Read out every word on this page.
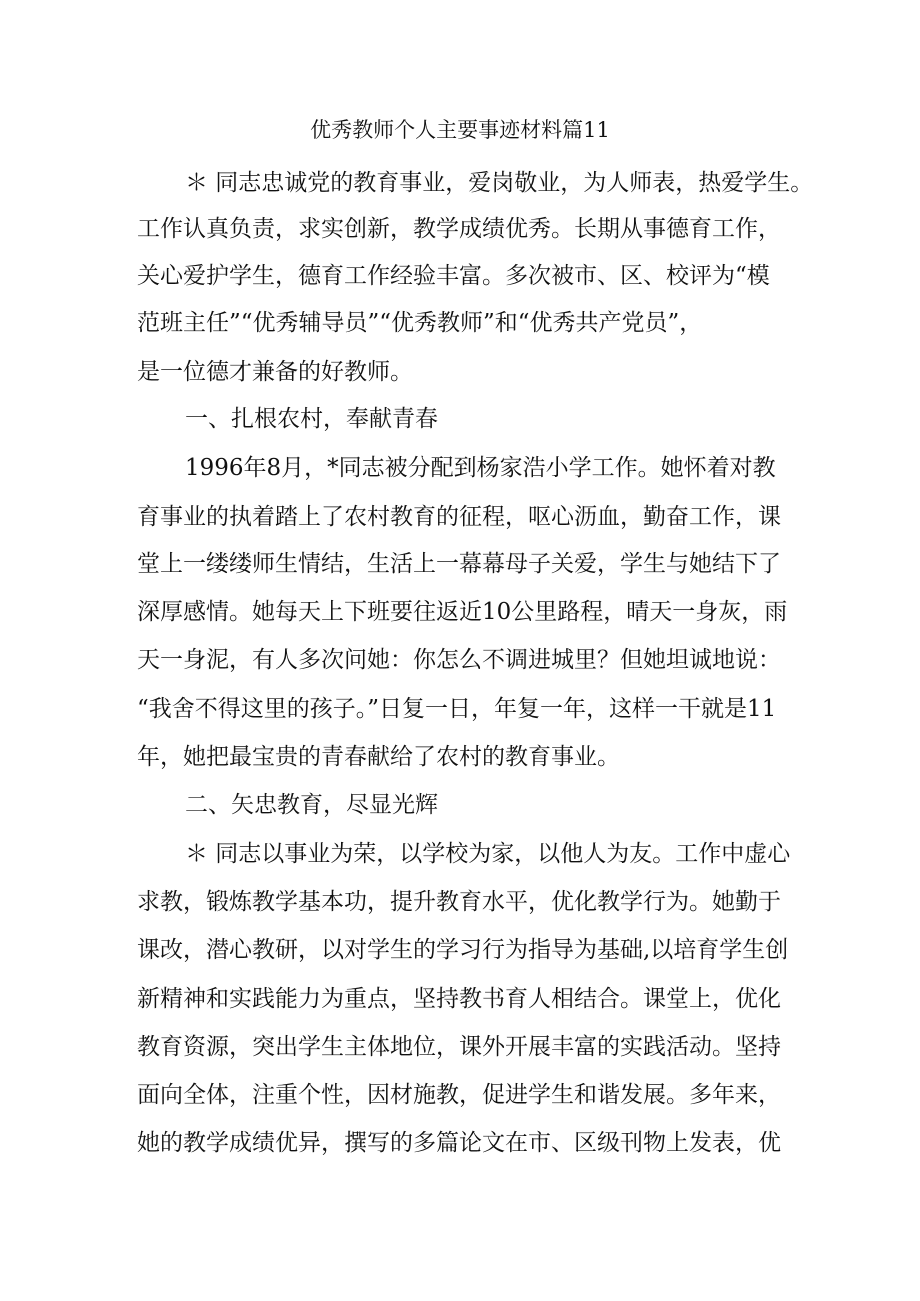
优秀教师个人主要事迹材料篇11

＊ 同志忠诚党的教育事业，爱岗敬业，为人师表，热爱学生。

工作认真负责，求实创新，教学成绩优秀。长期从事德育工作，

关心爱护学生，德育工作经验丰富。多次被市、区、校评为“模

范班主任”“优秀辅导员”“优秀教师”和“优秀共产党员”，

是一位德才兼备的好教师。

一、扎根农村，奉献青春

1996年8月，*同志被分配到杨家浩小学工作。她怀着对教

育事业的执着踏上了农村教育的征程，呕心沥血，勤奋工作，课

堂上一缕缕师生情结，生活上一幕幕母子关爱，学生与她结下了

深厚感情。她每天上下班要往返近10公里路程，晴天一身灰，雨

天一身泥，有人多次问她：你怎么不调进城里？但她坦诚地说：

“我舍不得这里的孩子。”日复一日，年复一年，这样一干就是11

年，她把最宝贵的青春献给了农村的教育事业。

二、矢忠教育，尽显光辉

＊ 同志以事业为荣，以学校为家，以他人为友。工作中虚心

求教，锻炼教学基本功，提升教育水平，优化教学行为。她勤于

课改，潜心教研，以对学生的学习行为指导为基础,以培育学生创

新精神和实践能力为重点，坚持教书育人相结合。课堂上，优化

教育资源，突出学生主体地位，课外开展丰富的实践活动。坚持

面向全体，注重个性，因材施教，促进学生和谐发展。多年来，

她的教学成绩优异，撰写的多篇论文在市、区级刊物上发表，优
